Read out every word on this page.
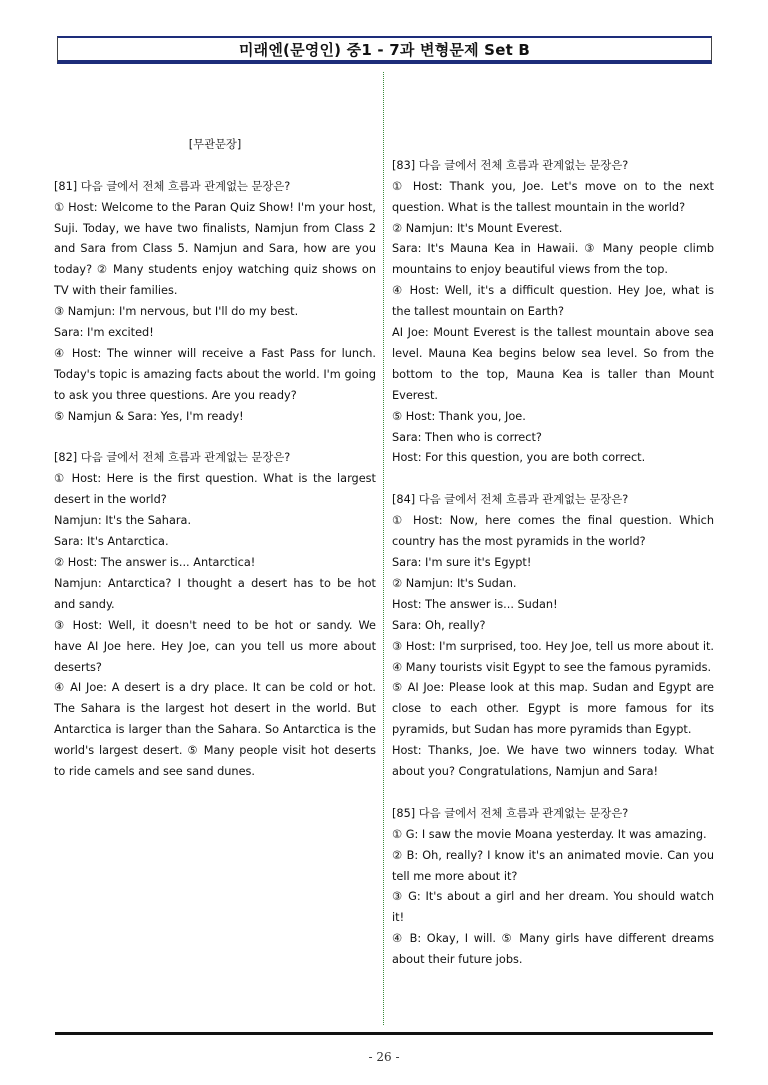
미래엔(문영인) 중1 - 7과 변형문제 Set B

[무관문장]

[81] 다음 글에서 전체 흐름과 관계없는 문장은?

① Host: Welcome to the Paran Quiz Show! I'm your host, Suji. Today, we have two finalists, Namjun from Class 2 and Sara from Class 5. Namjun and Sara, how are you today? ② Many students enjoy watching quiz shows on TV with their families.

③ Namjun: I'm nervous, but I'll do my best.

Sara: I'm excited!

④ Host: The winner will receive a Fast Pass for lunch. Today's topic is amazing facts about the world. I'm going to ask you three questions. Are you ready?

⑤ Namjun & Sara: Yes, I'm ready!

[82] 다음 글에서 전체 흐름과 관계없는 문장은?

① Host: Here is the first question. What is the largest desert in the world?

Namjun: It's the Sahara.

Sara: It's Antarctica.

② Host: The answer is... Antarctica!

Namjun: Antarctica? I thought a desert has to be hot and sandy.

③ Host: Well, it doesn't need to be hot or sandy. We have AI Joe here. Hey Joe, can you tell us more about deserts?

④ AI Joe: A desert is a dry place. It can be cold or hot. The Sahara is the largest hot desert in the world. But Antarctica is larger than the Sahara. So Antarctica is the world's largest desert. ⑤ Many people visit hot deserts to ride camels and see sand dunes.

[83] 다음 글에서 전체 흐름과 관계없는 문장은?

① Host: Thank you, Joe. Let's move on to the next question. What is the tallest mountain in the world?

② Namjun: It's Mount Everest.

Sara: It's Mauna Kea in Hawaii. ③ Many people climb mountains to enjoy beautiful views from the top.

④ Host: Well, it's a difficult question. Hey Joe, what is the tallest mountain on Earth?

AI Joe: Mount Everest is the tallest mountain above sea level. Mauna Kea begins below sea level. So from the bottom to the top, Mauna Kea is taller than Mount Everest.

⑤ Host: Thank you, Joe.

Sara: Then who is correct?

Host: For this question, you are both correct.

[84] 다음 글에서 전체 흐름과 관계없는 문장은?

① Host: Now, here comes the final question. Which country has the most pyramids in the world?

Sara: I'm sure it's Egypt!

② Namjun: It's Sudan.

Host: The answer is... Sudan!

Sara: Oh, really?

③ Host: I'm surprised, too. Hey Joe, tell us more about it. ④ Many tourists visit Egypt to see the famous pyramids.

⑤ AI Joe: Please look at this map. Sudan and Egypt are close to each other. Egypt is more famous for its pyramids, but Sudan has more pyramids than Egypt.

Host: Thanks, Joe. We have two winners today. What about you? Congratulations, Namjun and Sara!

[85] 다음 글에서 전체 흐름과 관계없는 문장은?

① G: I saw the movie Moana yesterday. It was amazing.

② B: Oh, really? I know it's an animated movie. Can you tell me more about it?

③ G: It's about a girl and her dream. You should watch it!

④ B: Okay, I will. ⑤ Many girls have different dreams about their future jobs.

- 26 -
